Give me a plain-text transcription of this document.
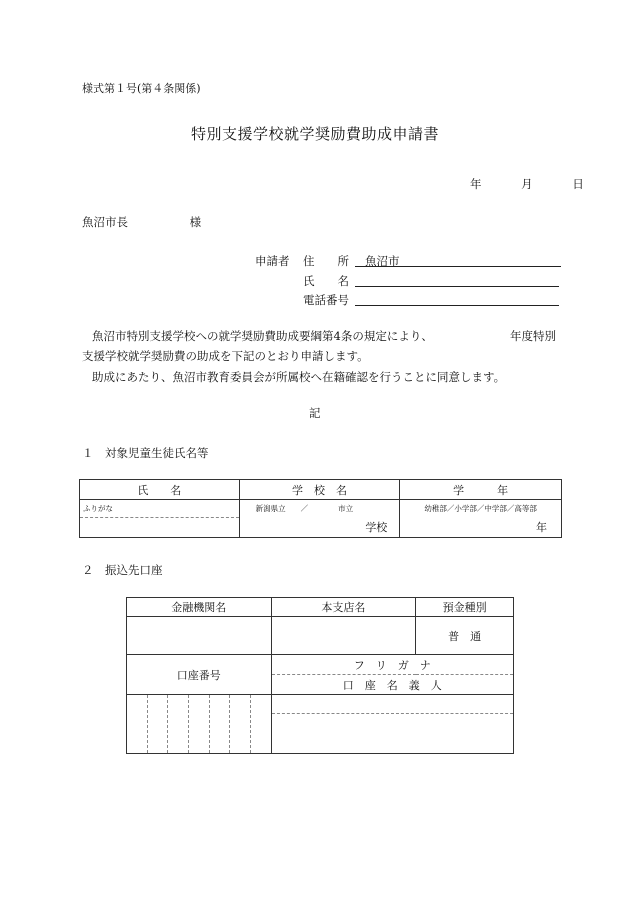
様式第１号(第４条関係)
特別支援学校就学奨励費助成申請書
年	月	日
魚沼市長	様
申請者 住　　所 魚沼市
氏　　名
電話番号
魚沼市特別支援学校への就学奨励費助成要綱第4条の規定により、	年度特別
支援学校就学奨励費の助成を下記のとおり申請します。
助成にあたり、魚沼市教育委員会が所属校へ在籍確認を行うことに同意します。
記
１　対象児童生徒氏名等
氏　　名	学　校　名	学　　　年
ふりがな	新潟県立　　／　　　　市立	幼稚部／小学部／中学部／高等部
	学校	年
２　振込先口座
金融機関名	本支店名	預金種別
		普　通
口座番号	フ　リ　ガ　ナ	
	口　座　名　義　人	
